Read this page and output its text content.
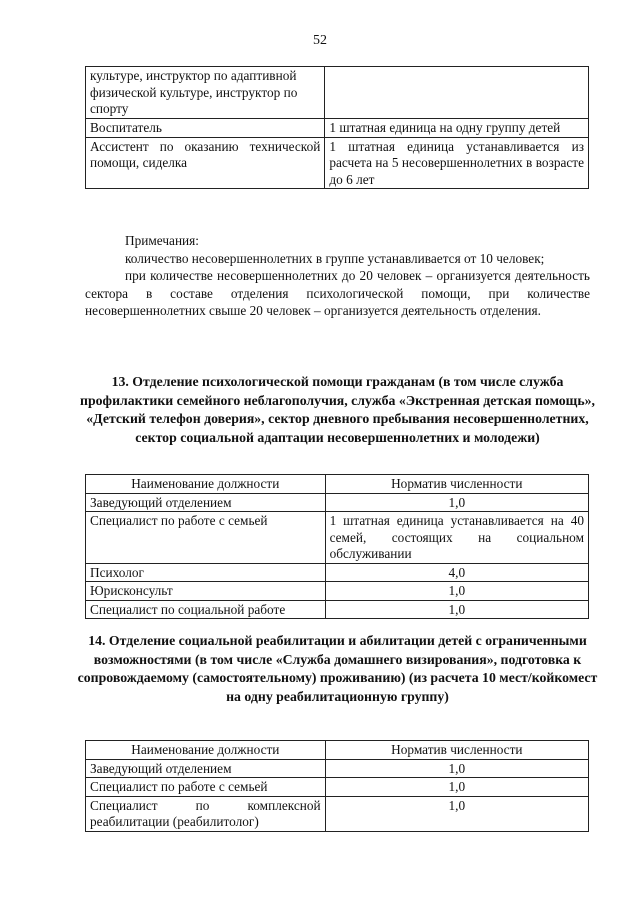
52
культуре, инструктор по адаптивной физической культуре, инструктор по спорту	
Воспитатель	1 штатная единица на одну группу детей
Ассистент по оказанию технической помощи, сиделка	1 штатная единица устанавливается из расчета на 5 несовершеннолетних в возрасте до 6 лет

Примечания:

количество несовершеннолетних в группе устанавливается от 10 человек;

при количестве несовершеннолетних до 20 человек – организуется деятельность сектора в составе отделения психологической помощи, при количестве несовершеннолетних свыше 20 человек – организуется деятельность отделения.

13. Отделение психологической помощи гражданам (в том числе служба профилактики семейного неблагополучия, служба «Экстренная детская помощь», «Детский телефон доверия», сектор дневного пребывания несовершеннолетних, сектор социальной адаптации несовершеннолетних и молодежи)

Наименование должности	Норматив численности
Заведующий отделением	1,0
Специалист по работе с семьей	1 штатная единица устанавливается на 40 семей, состоящих на социальном обслуживании
Психолог	4,0
Юрисконсульт	1,0
Специалист по социальной работе	1,0

14. Отделение социальной реабилитации и абилитации детей с ограниченными возможностями (в том числе «Служба домашнего визирования», подготовка к сопровождаемому (самостоятельному) проживанию) (из расчета 10 мест/койкомест на одну реабилитационную группу)

Наименование должности	Норматив численности
Заведующий отделением	1,0
Специалист по работе с семьей	1,0
Специалист по комплексной реабилитации (реабилитолог)	1,0
